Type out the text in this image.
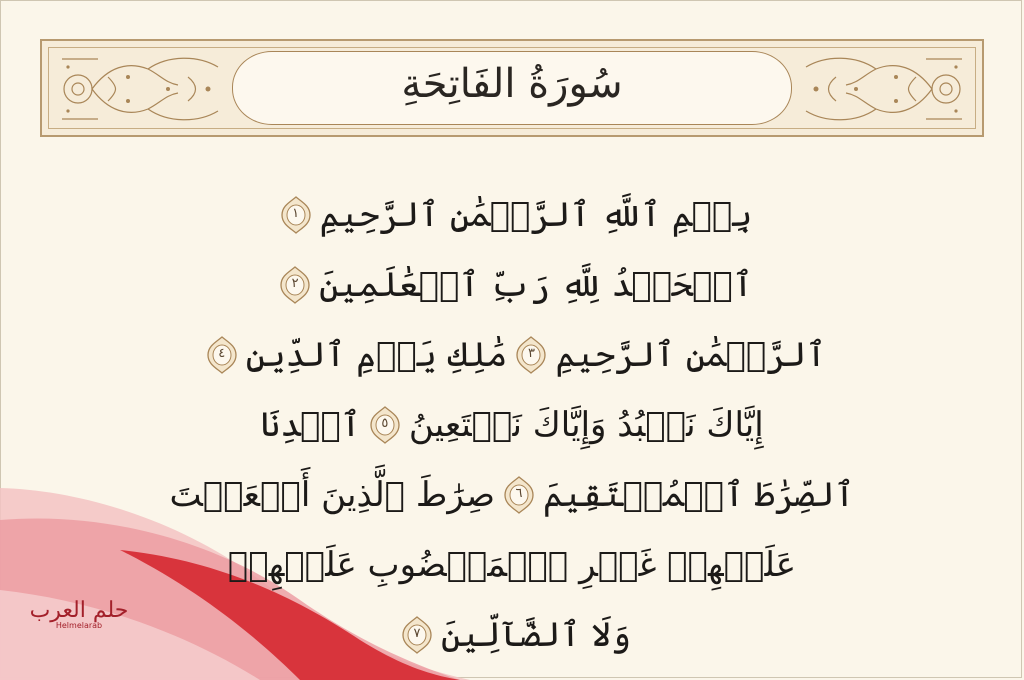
سُورَةُ الفَاتِحَةِ
حلم العرب
Helmelarab
بِسۡمِ ٱللَّهِ ٱلرَّحۡمَٰنِ ٱلرَّحِيمِ
١
ٱلۡحَمۡدُ لِلَّهِ رَبِّ ٱلۡعَٰلَمِينَ
٢
ٱلرَّحۡمَٰنِ ٱلرَّحِيمِ
٣
مَٰلِكِ يَوۡمِ ٱلدِّينِ
٤
إِيَّاكَ نَعۡبُدُ وَإِيَّاكَ نَسۡتَعِينُ
٥
ٱهۡدِنَا
ٱلصِّرَٰطَ ٱلۡمُسۡتَقِيمَ
٦
صِرَٰطَ ٱلَّذِينَ أَنۡعَمۡتَ
عَلَيۡهِمۡ غَيۡرِ ٱلۡمَغۡضُوبِ عَلَيۡهِمۡ
وَلَا ٱلضَّآلِّينَ
٧
